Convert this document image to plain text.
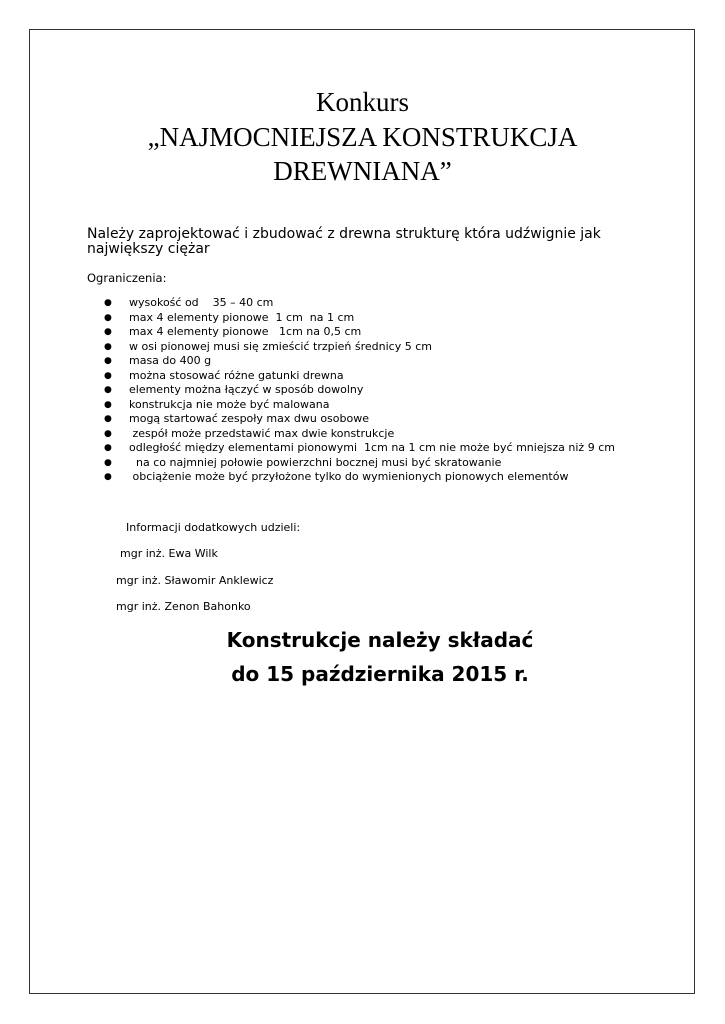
Konkurs
„NAJMOCNIEJSZA KONSTRUKCJA
DREWNIANA”
Należy zaprojektować i zbudować z drewna strukturę która udźwignie jak największy ciężar
Ograniczenia:
● wysokość od    35 – 40 cm
● max 4 elementy pionowe  1 cm  na 1 cm
● max 4 elementy pionowe   1cm na 0,5 cm
● w osi pionowej musi się zmieścić trzpień średnicy 5 cm
● masa do 400 g
● można stosować różne gatunki drewna
● elementy można łączyć w sposób dowolny
● konstrukcja nie może być malowana
● mogą startować zespoły max dwu osobowe
● zespół może przedstawić max dwie konstrukcje
● odległość między elementami pionowymi  1cm na 1 cm nie może być mniejsza niż 9 cm
●  na co najmniej połowie powierzchni bocznej musi być skratowanie
● obciążenie może być przyłożone tylko do wymienionych pionowych elementów
Informacji dodatkowych udzieli:
mgr inż. Ewa Wilk
mgr inż. Sławomir Anklewicz
mgr inż. Zenon Bahonko
Konstrukcje należy składać
do 15 października 2015 r.
